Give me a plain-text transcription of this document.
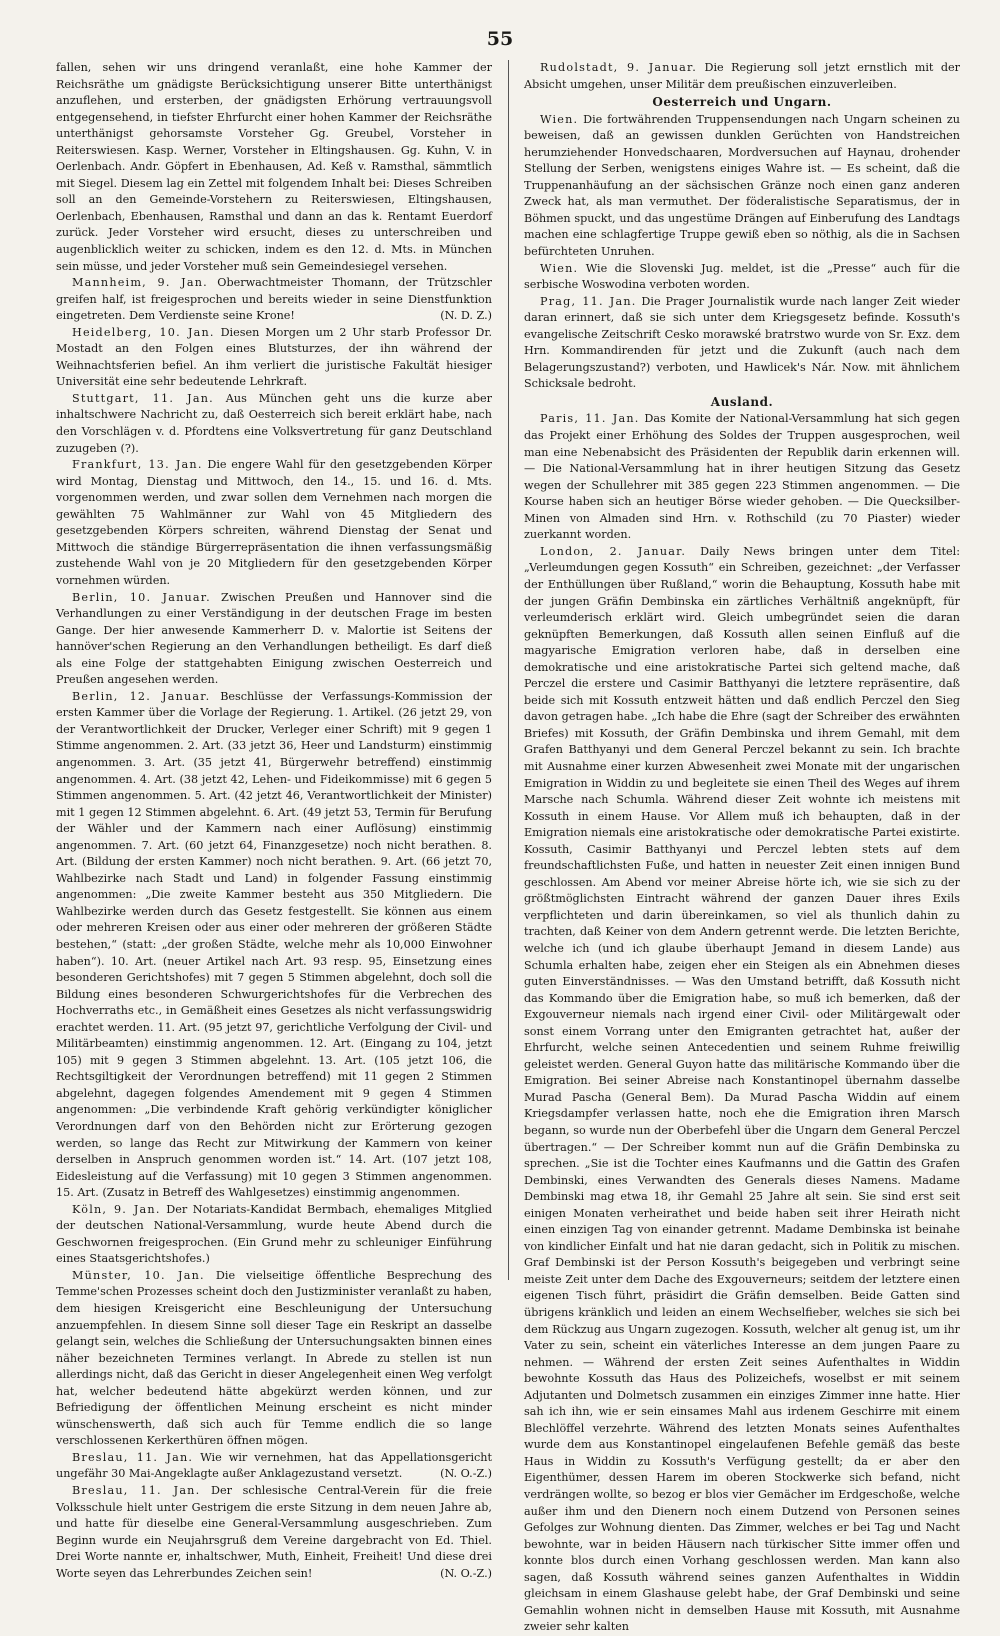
55

fallen, sehen wir uns dringend veranlaßt, eine hohe Kammer der Reichsräthe um gnädigste Berücksichtigung unserer Bitte unterthänigst anzuflehen, und ersterben, der gnädigsten Erhörung vertrauungsvoll entgegensehend, in tiefster Ehrfurcht einer hohen Kammer der Reichsräthe unterthänigst gehorsamste Vorsteher Gg. Greubel, Vorsteher in Reiterswiesen. Kasp. Werner, Vorsteher in Eltingshausen. Gg. Kuhn, V. in Oerlenbach. Andr. Göpfert in Ebenhausen, Ad. Keß v. Ramsthal, sämmtlich mit Siegel. Diesem lag ein Zettel mit folgendem Inhalt bei: Dieses Schreiben soll an den Gemeinde-Vorstehern zu Reiterswiesen, Eltingshausen, Oerlenbach, Ebenhausen, Ramsthal und dann an das k. Rentamt Euerdorf zurück. Jeder Vorsteher wird ersucht, dieses zu unterschreiben und augenblicklich weiter zu schicken, indem es den 12. d. Mts. in München sein müsse, und jeder Vorsteher muß sein Gemeindesiegel versehen.

Mannheim, 9. Jan. Oberwachtmeister Thomann, der Trützschler greifen half, ist freigesprochen und bereits wieder in seine Dienstfunktion eingetreten. Dem Verdienste seine Krone!	(N. D. Z.)

Heidelberg, 10. Jan. Diesen Morgen um 2 Uhr starb Professor Dr. Mostadt an den Folgen eines Blutsturzes, der ihn während der Weihnachtsferien befiel. An ihm verliert die juristische Fakultät hiesiger Universität eine sehr bedeutende Lehrkraft.

Stuttgart, 11. Jan. Aus München geht uns die kurze aber inhaltschwere Nachricht zu, daß Oesterreich sich bereit erklärt habe, nach den Vorschlägen v. d. Pfordtens eine Volksvertretung für ganz Deutschland zuzugeben (?).

Frankfurt, 13. Jan. Die engere Wahl für den gesetzgebenden Körper wird Montag, Dienstag und Mittwoch, den 14., 15. und 16. d. Mts. vorgenommen werden, und zwar sollen dem Vernehmen nach morgen die gewählten 75 Wahlmänner zur Wahl von 45 Mitgliedern des gesetzgebenden Körpers schreiten, während Dienstag der Senat und Mittwoch die ständige Bürgerrepräsentation die ihnen verfassungsmäßig zustehende Wahl von je 20 Mitgliedern für den gesetzgebenden Körper vornehmen würden.

Berlin, 10. Januar. Zwischen Preußen und Hannover sind die Verhandlungen zu einer Verständigung in der deutschen Frage im besten Gange. Der hier anwesende Kammerherr D. v. Malortie ist Seitens der hannöver'schen Regierung an den Verhandlungen betheiligt. Es darf dieß als eine Folge der stattgehabten Einigung zwischen Oesterreich und Preußen angesehen werden.

Berlin, 12. Januar. Beschlüsse der Verfassungs-Kommission der ersten Kammer über die Vorlage der Regierung. 1. Artikel. (26 jetzt 29, von der Verantwortlichkeit der Drucker, Verleger einer Schrift) mit 9 gegen 1 Stimme angenommen. 2. Art. (33 jetzt 36, Heer und Landsturm) einstimmig angenommen. 3. Art. (35 jetzt 41, Bürgerwehr betreffend) einstimmig angenommen. 4. Art. (38 jetzt 42, Lehen- und Fideikommisse) mit 6 gegen 5 Stimmen angenommen. 5. Art. (42 jetzt 46, Verantwortlichkeit der Minister) mit 1 gegen 12 Stimmen abgelehnt. 6. Art. (49 jetzt 53, Termin für Berufung der Wähler und der Kammern nach einer Auflösung) einstimmig angenommen. 7. Art. (60 jetzt 64, Finanzgesetze) noch nicht berathen. 8. Art. (Bildung der ersten Kammer) noch nicht berathen. 9. Art. (66 jetzt 70, Wahlbezirke nach Stadt und Land) in folgender Fassung einstimmig angenommen: „Die zweite Kammer besteht aus 350 Mitgliedern. Die Wahlbezirke werden durch das Gesetz festgestellt. Sie können aus einem oder mehreren Kreisen oder aus einer oder mehreren der größeren Städte bestehen,“ (statt: „der großen Städte, welche mehr als 10,000 Einwohner haben“). 10. Art. (neuer Artikel nach Art. 93 resp. 95, Einsetzung eines besonderen Gerichtshofes) mit 7 gegen 5 Stimmen abgelehnt, doch soll die Bildung eines besonderen Schwurgerichtshofes für die Verbrechen des Hochverraths etc., in Gemäßheit eines Gesetzes als nicht verfassungswidrig erachtet werden. 11. Art. (95 jetzt 97, gerichtliche Verfolgung der Civil- und Militärbeamten) einstimmig angenommen. 12. Art. (Eingang zu 104, jetzt 105) mit 9 gegen 3 Stimmen abgelehnt. 13. Art. (105 jetzt 106, die Rechtsgiltigkeit der Verordnungen betreffend) mit 11 gegen 2 Stimmen abgelehnt, dagegen folgendes Amendement mit 9 gegen 4 Stimmen angenommen: „Die verbindende Kraft gehörig verkündigter königlicher Verordnungen darf von den Behörden nicht zur Erörterung gezogen werden, so lange das Recht zur Mitwirkung der Kammern von keiner derselben in Anspruch genommen worden ist.“ 14. Art. (107 jetzt 108, Eidesleistung auf die Verfassung) mit 10 gegen 3 Stimmen angenommen. 15. Art. (Zusatz in Betreff des Wahlgesetzes) einstimmig angenommen.

Köln, 9. Jan. Der Notariats-Kandidat Bermbach, ehemaliges Mitglied der deutschen National-Versammlung, wurde heute Abend durch die Geschwornen freigesprochen. (Ein Grund mehr zu schleuniger Einführung eines Staatsgerichtshofes.)

Münster, 10. Jan. Die vielseitige öffentliche Besprechung des Temme'schen Prozesses scheint doch den Justizminister veranlaßt zu haben, dem hiesigen Kreisgericht eine Beschleunigung der Untersuchung anzuempfehlen. In diesem Sinne soll dieser Tage ein Reskript an dasselbe gelangt sein, welches die Schließung der Untersuchungsakten binnen eines näher bezeichneten Termines verlangt. In Abrede zu stellen ist nun allerdings nicht, daß das Gericht in dieser Angelegenheit einen Weg verfolgt hat, welcher bedeutend hätte abgekürzt werden können, und zur Befriedigung der öffentlichen Meinung erscheint es nicht minder wünschenswerth, daß sich auch für Temme endlich die so lange verschlossenen Kerkerthüren öffnen mögen.

Breslau, 11. Jan. Wie wir vernehmen, hat das Appellationsgericht ungefähr 30 Mai-Angeklagte außer Anklagezustand versetzt.	(N. O.-Z.)

Breslau, 11. Jan. Der schlesische Central-Verein für die freie Volksschule hielt unter Gestrigem die erste Sitzung in dem neuen Jahre ab, und hatte für dieselbe eine General-Versammlung ausgeschrieben. Zum Beginn wurde ein Neujahrsgruß dem Vereine dargebracht von Ed. Thiel. Drei Worte nannte er, inhaltschwer, Muth, Einheit, Freiheit! Und diese drei Worte seyen das Lehrerbundes Zeichen sein!	(N. O.-Z.)

Rudolstadt, 9. Januar. Die Regierung soll jetzt ernstlich mit der Absicht umgehen, unser Militär dem preußischen einzuverleiben.

Oesterreich und Ungarn.

Wien. Die fortwährenden Truppensendungen nach Ungarn scheinen zu beweisen, daß an gewissen dunklen Gerüchten von Handstreichen herumziehender Honvedschaaren, Mordversuchen auf Haynau, drohender Stellung der Serben, wenigstens einiges Wahre ist. — Es scheint, daß die Truppenanhäufung an der sächsischen Gränze noch einen ganz anderen Zweck hat, als man vermuthet. Der föderalistische Separatismus, der in Böhmen spuckt, und das ungestüme Drängen auf Einberufung des Landtags machen eine schlagfertige Truppe gewiß eben so nöthig, als die in Sachsen befürchteten Unruhen.

Wien. Wie die Slovenski Jug. meldet, ist die „Presse“ auch für die serbische Woswodina verboten worden.

Prag, 11. Jan. Die Prager Journalistik wurde nach langer Zeit wieder daran erinnert, daß sie sich unter dem Kriegsgesetz befinde. Kossuth's evangelische Zeitschrift Cesko morawské bratrstwo wurde von Sr. Exz. dem Hrn. Kommandirenden für jetzt und die Zukunft (auch nach dem Belagerungszustand?) verboten, und Hawlicek's Nár. Now. mit ähnlichem Schicksale bedroht.

Ausland.

Paris, 11. Jan. Das Komite der National-Versammlung hat sich gegen das Projekt einer Erhöhung des Soldes der Truppen ausgesprochen, weil man eine Nebenabsicht des Präsidenten der Republik darin erkennen will. — Die National-Versammlung hat in ihrer heutigen Sitzung das Gesetz wegen der Schullehrer mit 385 gegen 223 Stimmen angenommen. — Die Kourse haben sich an heutiger Börse wieder gehoben. — Die Quecksilber-Minen von Almaden sind Hrn. v. Rothschild (zu 70 Piaster) wieder zuerkannt worden.

London, 2. Januar. Daily News bringen unter dem Titel: „Verleumdungen gegen Kossuth“ ein Schreiben, gezeichnet: „der Verfasser der Enthüllungen über Rußland,“ worin die Behauptung, Kossuth habe mit der jungen Gräfin Dembinska ein zärtliches Verhältniß angeknüpft, für verleumderisch erklärt wird. Gleich umbegründet seien die daran geknüpften Bemerkungen, daß Kossuth allen seinen Einfluß auf die magyarische Emigration verloren habe, daß in derselben eine demokratische und eine aristokratische Partei sich geltend mache, daß Perczel die erstere und Casimir Batthyanyi die letztere repräsentire, daß beide sich mit Kossuth entzweit hätten und daß endlich Perczel den Sieg davon getragen habe. „Ich habe die Ehre (sagt der Schreiber des erwähnten Briefes) mit Kossuth, der Gräfin Dembinska und ihrem Gemahl, mit dem Grafen Batthyanyi und dem General Perczel bekannt zu sein. Ich brachte mit Ausnahme einer kurzen Abwesenheit zwei Monate mit der ungarischen Emigration in Widdin zu und begleitete sie einen Theil des Weges auf ihrem Marsche nach Schumla. Während dieser Zeit wohnte ich meistens mit Kossuth in einem Hause. Vor Allem muß ich behaupten, daß in der Emigration niemals eine aristokratische oder demokratische Partei existirte. Kossuth, Casimir Batthyanyi und Perczel lebten stets auf dem freundschaftlichsten Fuße, und hatten in neuester Zeit einen innigen Bund geschlossen. Am Abend vor meiner Abreise hörte ich, wie sie sich zu der größtmöglichsten Eintracht während der ganzen Dauer ihres Exils verpflichteten und darin übereinkamen, so viel als thunlich dahin zu trachten, daß Keiner von dem Andern getrennt werde. Die letzten Berichte, welche ich (und ich glaube überhaupt Jemand in diesem Lande) aus Schumla erhalten habe, zeigen eher ein Steigen als ein Abnehmen dieses guten Einverständnisses. — Was den Umstand betrifft, daß Kossuth nicht das Kommando über die Emigration habe, so muß ich bemerken, daß der Exgouverneur niemals nach irgend einer Civil- oder Militärgewalt oder sonst einem Vorrang unter den Emigranten getrachtet hat, außer der Ehrfurcht, welche seinen Antecedentien und seinem Ruhme freiwillig geleistet werden. General Guyon hatte das militärische Kommando über die Emigration. Bei seiner Abreise nach Konstantinopel übernahm dasselbe Murad Pascha (General Bem). Da Murad Pascha Widdin auf einem Kriegsdampfer verlassen hatte, noch ehe die Emigration ihren Marsch begann, so wurde nun der Oberbefehl über die Ungarn dem General Perczel übertragen.“ — Der Schreiber kommt nun auf die Gräfin Dembinska zu sprechen. „Sie ist die Tochter eines Kaufmanns und die Gattin des Grafen Dembinski, eines Verwandten des Generals dieses Namens. Madame Dembinski mag etwa 18, ihr Gemahl 25 Jahre alt sein. Sie sind erst seit einigen Monaten verheirathet und beide haben seit ihrer Heirath nicht einen einzigen Tag von einander getrennt. Madame Dembinska ist beinahe von kindlicher Einfalt und hat nie daran gedacht, sich in Politik zu mischen. Graf Dembinski ist der Person Kossuth's beigegeben und verbringt seine meiste Zeit unter dem Dache des Exgouverneurs; seitdem der letztere einen eigenen Tisch führt, präsidirt die Gräfin demselben. Beide Gatten sind übrigens kränklich und leiden an einem Wechselfieber, welches sie sich bei dem Rückzug aus Ungarn zugezogen. Kossuth, welcher alt genug ist, um ihr Vater zu sein, scheint ein väterliches Interesse an dem jungen Paare zu nehmen. — Während der ersten Zeit seines Aufenthaltes in Widdin bewohnte Kossuth das Haus des Polizeichefs, woselbst er mit seinem Adjutanten und Dolmetsch zusammen ein einziges Zimmer inne hatte. Hier sah ich ihn, wie er sein einsames Mahl aus irdenem Geschirre mit einem Blechlöffel verzehrte. Während des letzten Monats seines Aufenthaltes wurde dem aus Konstantinopel eingelaufenen Befehle gemäß das beste Haus in Widdin zu Kossuth's Verfügung gestellt; da er aber den Eigenthümer, dessen Harem im oberen Stockwerke sich befand, nicht verdrängen wollte, so bezog er blos vier Gemächer im Erdgeschoße, welche außer ihm und den Dienern noch einem Dutzend von Personen seines Gefolges zur Wohnung dienten. Das Zimmer, welches er bei Tag und Nacht bewohnte, war in beiden Häusern nach türkischer Sitte immer offen und konnte blos durch einen Vorhang geschlossen werden. Man kann also sagen, daß Kossuth während seines ganzen Aufenthaltes in Widdin gleichsam in einem Glashause gelebt habe, der Graf Dembinski und seine Gemahlin wohnen nicht in demselben Hause mit Kossuth, mit Ausnahme zweier sehr kalten
